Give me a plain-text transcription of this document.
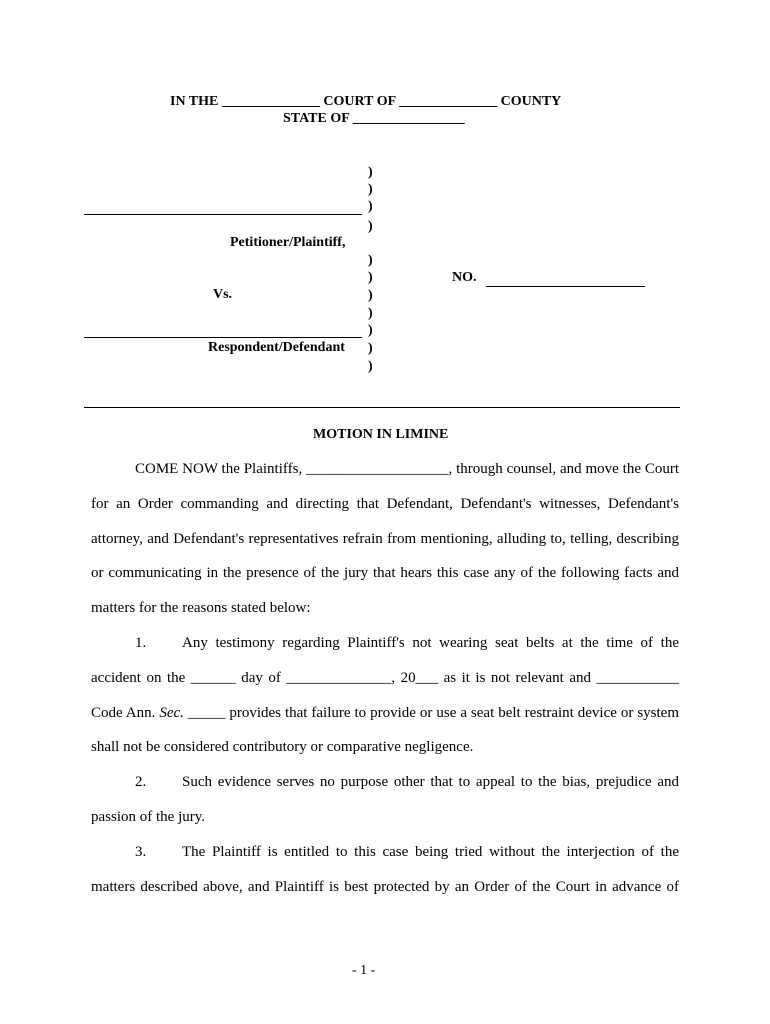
IN THE ______________ COURT OF ______________ COUNTY
STATE OF ________________
)
)
)
)
)
)
)
)
)
)
)
Petitioner/Plaintiff,
Vs.
Respondent/Defendant
NO.
MOTION IN LIMINE

COME NOW the Plaintiffs, ___________________, through counsel, and move the Court for an Order commanding and directing that Defendant, Defendant's witnesses, Defendant's attorney, and Defendant's representatives refrain from mentioning, alluding to, telling, describing or communicating in the presence of the jury that hears this case any of the following facts and matters for the reasons stated below:

1. Any testimony regarding Plaintiff's not wearing seat belts at the time of the accident on the ______ day of ______________, 20___ as it is not relevant and ___________ Code Ann. Sec. _____ provides that failure to provide or use a seat belt restraint device or system shall not be considered contributory or comparative negligence.

2. Such evidence serves no purpose other that to appeal to the bias, prejudice and passion of the jury.

3. The Plaintiff is entitled to this case being tried without the interjection of the matters described above, and Plaintiff is best protected by an Order of the Court in advance of

- 1 -
